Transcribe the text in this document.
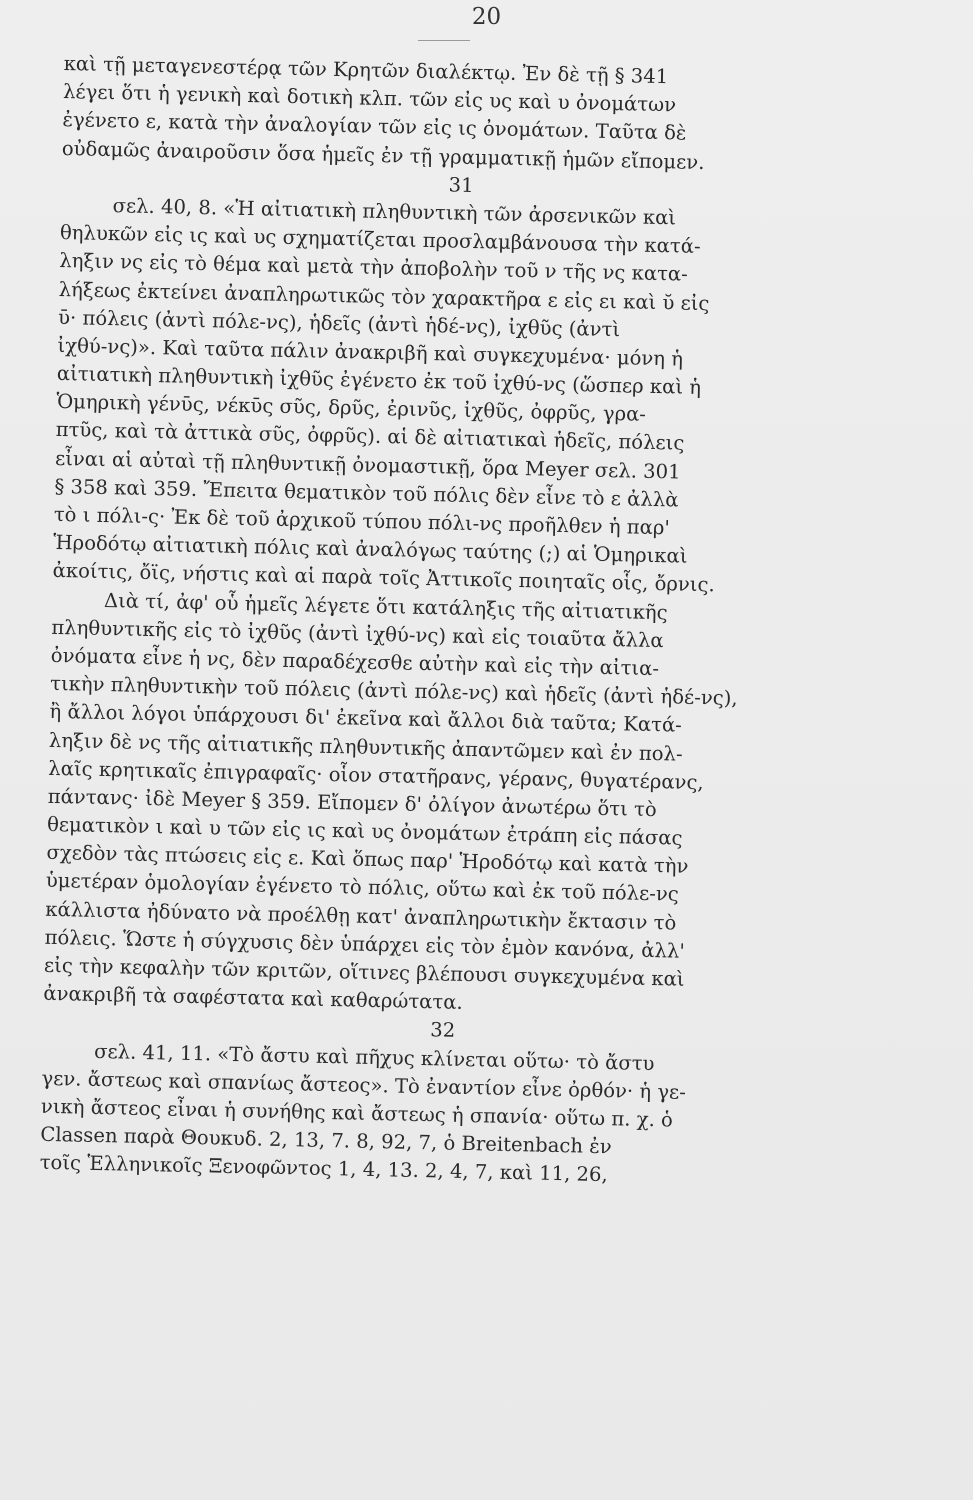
20
καὶ τῇ μεταγενεστέρᾳ τῶν Κρητῶν διαλέκτῳ. Ἐν δὲ τῇ § 341
λέγει ὅτι ἡ γενικὴ καὶ δοτικὴ κλπ. τῶν εἰς υς καὶ υ ὀνομάτων
ἐγένετο ε, κατὰ τὴν ἀναλογίαν τῶν εἰς ις ὀνομάτων. Ταῦτα δὲ
οὐδαμῶς ἀναιροῦσιν ὅσα ἡμεῖς ἐν τῇ γραμματικῇ ἡμῶν εἴπομεν.
31
σελ. 40, 8. «Ἡ αἰτιατικὴ πληθυντικὴ τῶν ἀρσενικῶν καὶ
θηλυκῶν εἰς ις καὶ υς σχηματίζεται προσλαμβάνουσα τὴν κατά-
ληξιν νς εἰς τὸ θέμα καὶ μετὰ τὴν ἀποβολὴν τοῦ ν τῆς νς κατα-
λήξεως ἐκτείνει ἀναπληρωτικῶς τὸν χαρακτῆρα ε εἰς ει καὶ ῠ εἰς
ῡ· πόλεις (ἀντὶ πόλε-νς), ἡδεῖς (ἀντὶ ἡδέ-νς), ἰχθῦς (ἀντὶ
ἰχθύ-νς)». Καὶ ταῦτα πάλιν ἀνακριβῆ καὶ συγκεχυμένα· μόνη ἡ
αἰτιατικὴ πληθυντικὴ ἰχθῦς ἐγένετο ἐκ τοῦ ἰχθύ-νς (ὥσπερ καὶ ἡ
Ὁμηρικὴ γένῡς, νέκῡς σῦς, δρῦς, ἐρινῦς, ἰχθῦς, ὀφρῦς, γρα-
πτῦς, καὶ τὰ ἀττικὰ σῦς, ὀφρῦς). αἱ δὲ αἰτιατικαὶ ἡδεῖς, πόλεις
εἶναι αἱ αὐταὶ τῇ πληθυντικῇ ὀνομαστικῇ, ὅρα Meyer σελ. 301
§ 358 καὶ 359. Ἔπειτα θεματικὸν τοῦ πόλις δὲν εἶνε τὸ ε ἀλλὰ
τὸ ι πόλι-ς· Ἐκ δὲ τοῦ ἀρχικοῦ τύπου πόλι-νς προῆλθεν ἡ παρ'
Ἡροδότῳ αἰτιατικὴ πόλις καὶ ἀναλόγως ταύτης (;) αἱ Ὁμηρικαὶ
ἀκοίτις, ὄϊς, νήστις καὶ αἱ παρὰ τοῖς Ἀττικοῖς ποιηταῖς οἷς, ὄρνις.
Διὰ τί, ἀφ' οὗ ἡμεῖς λέγετε ὅτι κατάληξις τῆς αἰτιατικῆς
πληθυντικῆς εἰς τὸ ἰχθῦς (ἀντὶ ἰχθύ-νς) καὶ εἰς τοιαῦτα ἄλλα
ὀνόματα εἶνε ἡ νς, δὲν παραδέχεσθε αὐτὴν καὶ εἰς τὴν αἰτια-
τικὴν πληθυντικὴν τοῦ πόλεις (ἀντὶ πόλε-νς) καὶ ἡδεῖς (ἀντὶ ἡδέ-νς),
ἢ ἄλλοι λόγοι ὑπάρχουσι δι' ἐκεῖνα καὶ ἄλλοι διὰ ταῦτα; Κατά-
ληξιν δὲ νς τῆς αἰτιατικῆς πληθυντικῆς ἀπαντῶμεν καὶ ἐν πολ-
λαῖς κρητικαῖς ἐπιγραφαῖς· οἷον στατῆρανς, γέρανς, θυγατέρανς,
πάντανς· ἰδὲ Meyer § 359. Εἴπομεν δ' ὀλίγον ἀνωτέρω ὅτι τὸ
θεματικὸν ι καὶ υ τῶν εἰς ις καὶ υς ὀνομάτων ἐτράπη εἰς πάσας
σχεδὸν τὰς πτώσεις εἰς ε. Καὶ ὅπως παρ' Ἡροδότῳ καὶ κατὰ τὴν
ὑμετέραν ὁμολογίαν ἐγένετο τὸ πόλις, οὕτω καὶ ἐκ τοῦ πόλε-νς
κάλλιστα ἠδύνατο νὰ προέλθῃ κατ' ἀναπληρωτικὴν ἔκτασιν τὸ
πόλεις. Ὥστε ἡ σύγχυσις δὲν ὑπάρχει εἰς τὸν ἐμὸν κανόνα, ἀλλ'
εἰς τὴν κεφαλὴν τῶν κριτῶν, οἵτινες βλέπουσι συγκεχυμένα καὶ
ἀνακριβῆ τὰ σαφέστατα καὶ καθαρώτατα.
32
σελ. 41, 11. «Τὸ ἄστυ καὶ πῆχυς κλίνεται οὕτω· τὸ ἄστυ
γεν. ἄστεως καὶ σπανίως ἄστεος». Τὸ ἐναντίον εἶνε ὀρθόν· ἡ γε-
νικὴ ἄστεος εἶναι ἡ συνήθης καὶ ἄστεως ἡ σπανία· οὕτω π. χ. ὁ
Classen παρὰ Θουκυδ. 2, 13, 7. 8, 92, 7, ὁ Breitenbach ἐν
τοῖς Ἑλληνικοῖς Ξενοφῶντος 1, 4, 13. 2, 4, 7, καὶ 11, 26,
